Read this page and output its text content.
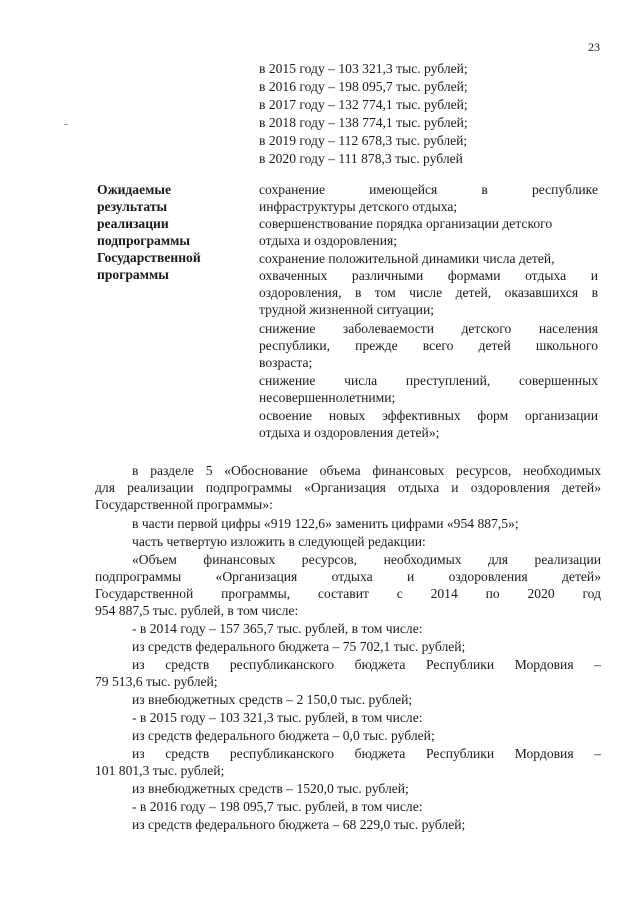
23
в 2015 году – 103 321,3 тыс. рублей;
в 2016 году – 198 095,7 тыс. рублей;
в 2017 году – 132 774,1 тыс. рублей;
в 2018 году – 138 774,1 тыс. рублей;
в 2019 году – 112 678,3 тыс. рублей;
в 2020 году – 111 878,3 тыс. рублей
Ожидаемые
результаты
реализации
подпрограммы
Государственной
программы
сохранение имеющейся в республике
инфраструктуры детского отдыха;
совершенствование порядка организации детского
отдыха и оздоровления;
сохранение положительной динамики числа детей,
охваченных различными формами отдыха и
оздоровления, в том числе детей, оказавшихся в
трудной жизненной ситуации;
снижение заболеваемости детского населения
республики, прежде всего детей школьного
возраста;
снижение числа преступлений, совершенных
несовершеннолетними;
освоение новых эффективных форм организации
отдыха и оздоровления детей»;
в разделе 5 «Обоснование объема финансовых ресурсов, необходимых
для реализации подпрограммы «Организация отдыха и оздоровления детей»
Государственной программы»:
в части первой цифры «919 122,6» заменить цифрами «954 887,5»;
часть четвертую изложить в следующей редакции:
«Объем финансовых ресурсов, необходимых для реализации
подпрограммы «Организация отдыха и оздоровления детей»
Государственной программы, составит с 2014 по 2020 год
954 887,5 тыс. рублей, в том числе:
- в 2014 году – 157 365,7 тыс. рублей, в том числе:
из средств федерального бюджета – 75 702,1 тыс. рублей;
из средств республиканского бюджета Республики Мордовия –
79 513,6 тыс. рублей;
из внебюджетных средств – 2 150,0 тыс. рублей;
- в 2015 году – 103 321,3 тыс. рублей, в том числе:
из средств федерального бюджета – 0,0 тыс. рублей;
из средств республиканского бюджета Республики Мордовия –
101 801,3 тыс. рублей;
из внебюджетных средств – 1520,0 тыс. рублей;
- в 2016 году – 198 095,7 тыс. рублей, в том числе:
из средств федерального бюджета – 68 229,0 тыс. рублей;
